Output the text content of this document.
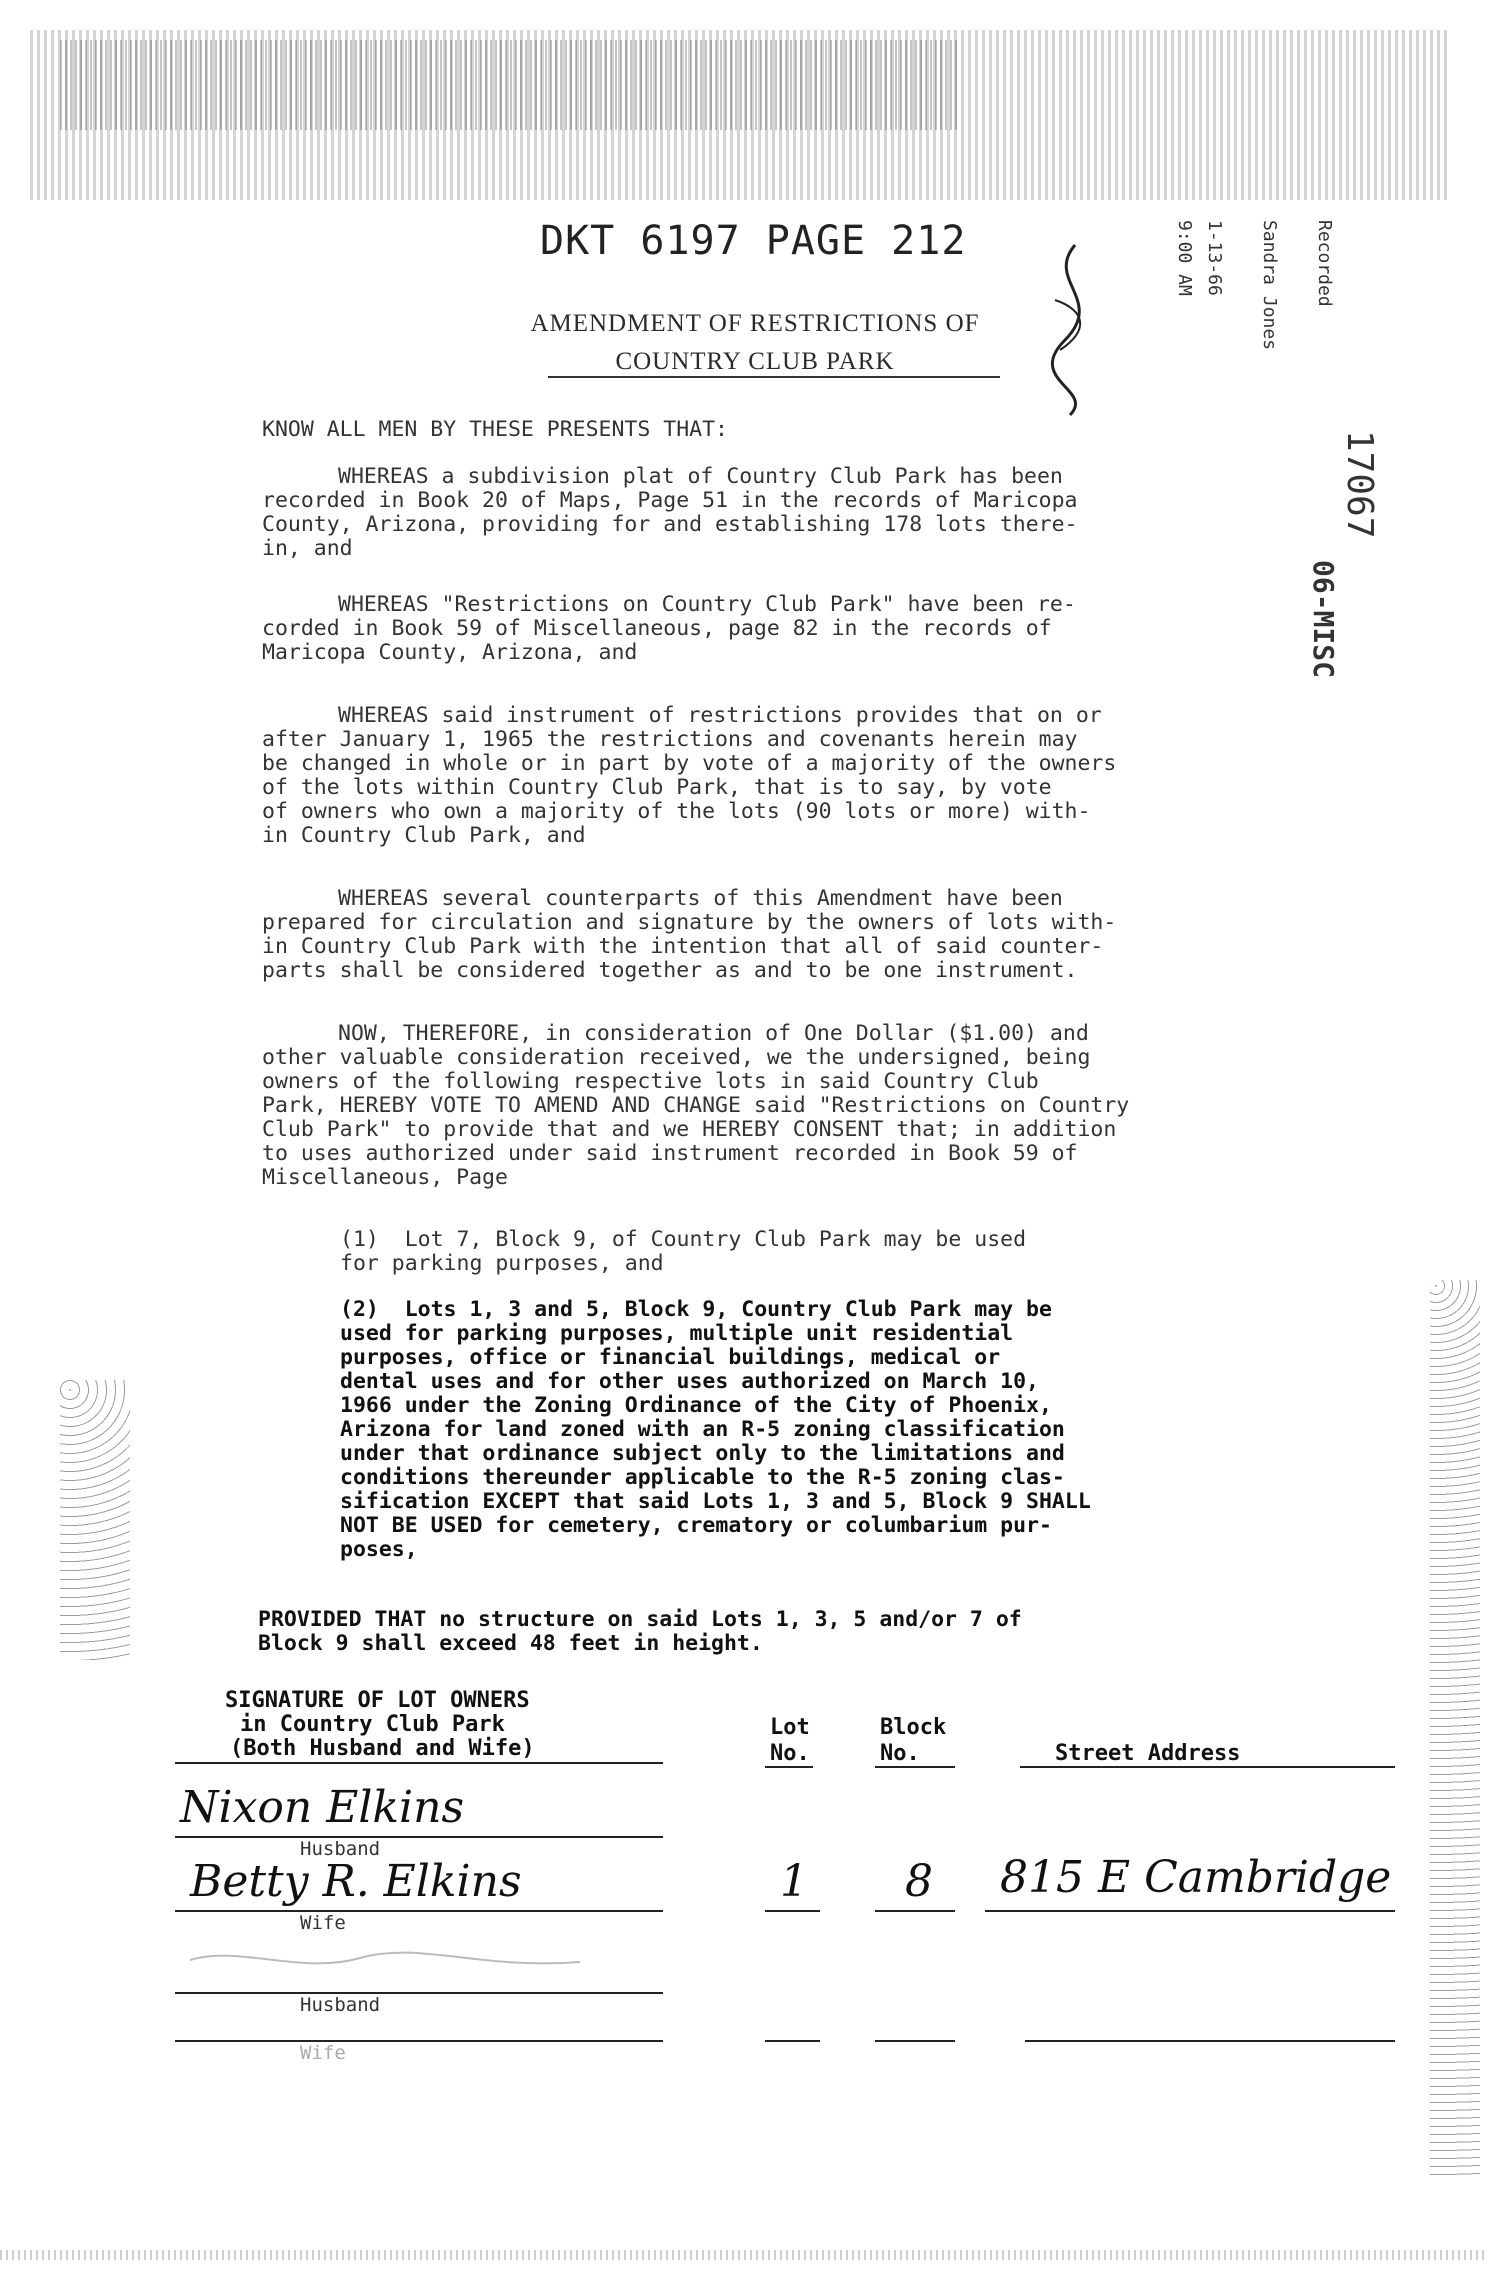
DKT 6197 PAGE 212
AMENDMENT OF RESTRICTIONS OF
COUNTRY CLUB PARK
1-13-66
9:00 AM	Sandra Jones Recorded
17067
06-MISC
KNOW ALL MEN BY THESE PRESENTS THAT:
WHEREAS a subdivision plat of Country Club Park has been
recorded in Book 20 of Maps, Page 51 in the records of Maricopa
County, Arizona, providing for and establishing 178 lots there-
in, and
WHEREAS "Restrictions on Country Club Park" have been re-
corded in Book 59 of Miscellaneous, page 82 in the records of
Maricopa County, Arizona, and
WHEREAS said instrument of restrictions provides that on or
after January 1, 1965 the restrictions and covenants herein may
be changed in whole or in part by vote of a majority of the owners
of the lots within Country Club Park, that is to say, by vote
of owners who own a majority of the lots (90 lots or more) with-
in Country Club Park, and
WHEREAS several counterparts of this Amendment have been
prepared for circulation and signature by the owners of lots with-
in Country Club Park with the intention that all of said counter-
parts shall be considered together as and to be one instrument.
NOW, THEREFORE, in consideration of One Dollar ($1.00) and
other valuable consideration received, we the undersigned, being
owners of the following respective lots in said Country Club
Park, HEREBY VOTE TO AMEND AND CHANGE said "Restrictions on Country
Club Park" to provide that and we HEREBY CONSENT that; in addition
to uses authorized under said instrument recorded in Book 59 of
Miscellaneous, Page
(1)  Lot 7, Block 9, of Country Club Park may be used
for parking purposes, and
(2)  Lots 1, 3 and 5, Block 9, Country Club Park may be
used for parking purposes, multiple unit residential
purposes, office or financial buildings, medical or
dental uses and for other uses authorized on March 10,
1966 under the Zoning Ordinance of the City of Phoenix,
Arizona for land zoned with an R-5 zoning classification
under that ordinance subject only to the limitations and
conditions thereunder applicable to the R-5 zoning clas-
sification EXCEPT that said Lots 1, 3 and 5, Block 9 SHALL
NOT BE USED for cemetery, crematory or columbarium pur-
poses,
PROVIDED THAT no structure on said Lots 1, 3, 5 and/or 7 of
Block 9 shall exceed 48 feet in height.
SIGNATURE OF LOT OWNERS
in Country Club Park
(Both Husband and Wife)
Lot
No.
Block
No.	Street Address
Nixon Elkins
Husband
Betty R. Elkins
Wife
1 8 815 E Cambridge
Husband
Wife
